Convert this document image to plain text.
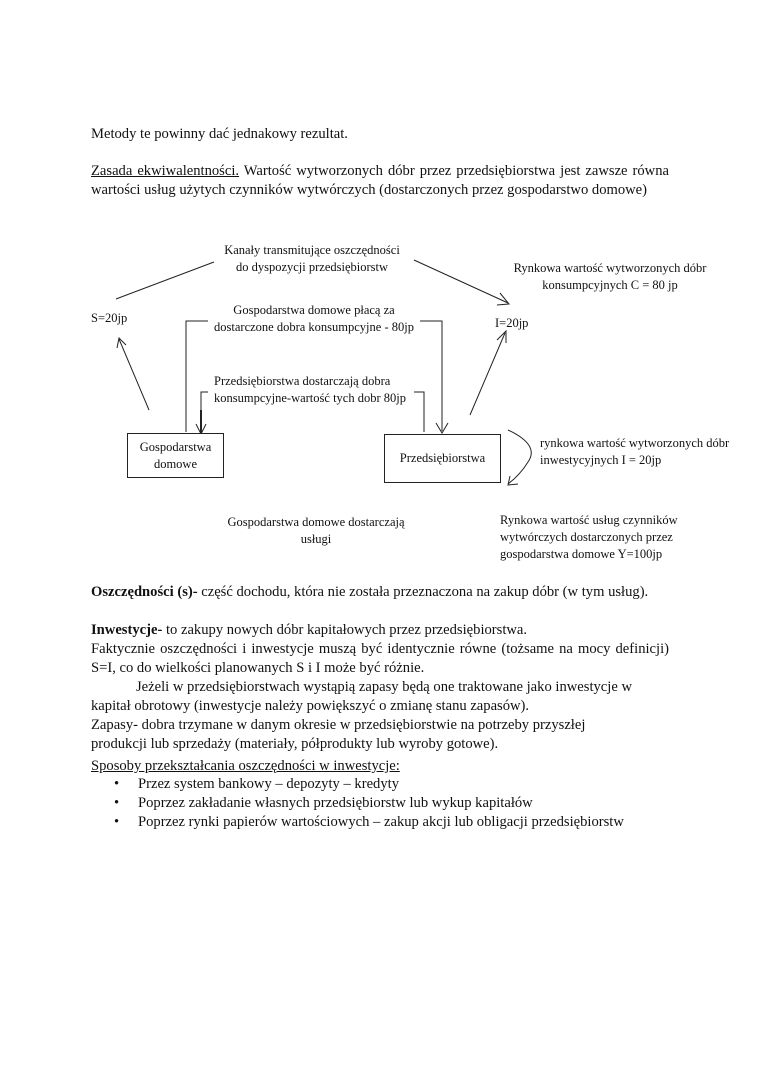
Metody te powinny dać jednakowy rezultat.
Zasada ekwiwalentności. Wartość wytworzonych dóbr przez przedsiębiorstwa jest zawsze równa wartości usług użytych czynników wytwórczych (dostarczonych przez gospodarstwo domowe)
Kanały transmitujące oszczędności
do dyspozycji przedsiębiorstw
S=20jp	I=20jp
Rynkowa wartość wytworzonych dóbr
konsumpcyjnych C = 80 jp
Gospodarstwa domowe płacą za
dostarczone dobra konsumpcyjne - 80jp
Przedsiębiorstwa dostarczają dobra
konsumpcyjne-wartość tych dobr 80jp
Gospodarstwa
domowe	Przedsiębiorstwa
rynkowa wartość wytworzonych dóbr
inwestycyjnych I = 20jp
Gospodarstwa domowe dostarczają
usługi
Rynkowa wartość usług czynników
wytwórczych dostarczonych przez
gospodarstwa domowe Y=100jp
Oszczędności (s)- część dochodu, która nie została przeznaczona na zakup dóbr (w tym usług).
Inwestycje- to zakupy nowych dóbr kapitałowych przez przedsiębiorstwa.
Faktycznie oszczędności i inwestycje muszą być identycznie równe (tożsame na mocy definicji) S=I, co do wielkości planowanych S i I może być różnie.
Jeżeli w przedsiębiorstwach wystąpią zapasy będą one traktowane jako inwestycje w kapitał obrotowy (inwestycje należy powiększyć o zmianę stanu zapasów).
Zapasy- dobra trzymane w danym okresie w przedsiębiorstwie na potrzeby przyszłej
produkcji lub sprzedaży (materiały, półprodukty lub wyroby gotowe).
Sposoby przekształcania oszczędności w inwestycje:
• Przez system bankowy – depozyty – kredyty
• Poprzez zakładanie własnych przedsiębiorstw lub wykup kapitałów
• Poprzez rynki papierów wartościowych – zakup akcji lub obligacji przedsiębiorstw
